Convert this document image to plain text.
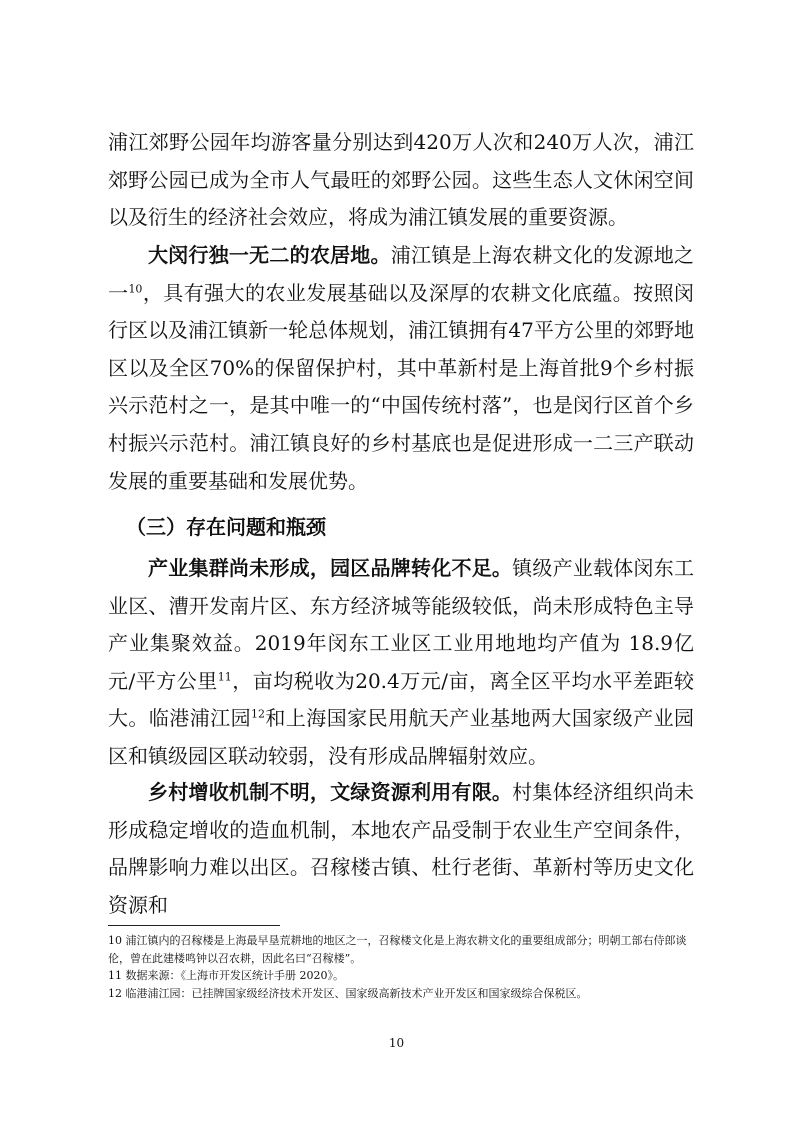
浦江郊野公园年均游客量分别达到420万人次和240万人次，浦江郊野公园已成为全市人气最旺的郊野公园。这些生态人文休闲空间以及衍生的经济社会效应，将成为浦江镇发展的重要资源。

大闵行独一无二的农居地。浦江镇是上海农耕文化的发源地之一$^{10}$，具有强大的农业发展基础以及深厚的农耕文化底蕴。按照闵行区以及浦江镇新一轮总体规划，浦江镇拥有47平方公里的郊野地区以及全区70%的保留保护村，其中革新村是上海首批9个乡村振兴示范村之一，是其中唯一的“中国传统村落”，也是闵行区首个乡村振兴示范村。浦江镇良好的乡村基底也是促进形成一二三产联动发展的重要基础和发展优势。

（三）存在问题和瓶颈

产业集群尚未形成，园区品牌转化不足。镇级产业载体闵东工业区、漕开发南片区、东方经济城等能级较低，尚未形成特色主导产业集聚效益。2019年闵东工业区工业用地地均产值为 18.9亿元/平方公里$^{11}$，亩均税收为20.4万元/亩，离全区平均水平差距较大。临港浦江园$^{12}$和上海国家民用航天产业基地两大国家级产业园区和镇级园区联动较弱，没有形成品牌辐射效应。

乡村增收机制不明，文绿资源利用有限。村集体经济组织尚未形成稳定增收的造血机制，本地农产品受制于农业生产空间条件，品牌影响力难以出区。召稼楼古镇、杜行老街、革新村等历史文化资源和

10 浦江镇内的召稼楼是上海最早垦荒耕地的地区之一，召稼楼文化是上海农耕文化的重要组成部分；明朝工部右侍郎谈伦，曾在此建楼鸣钟以召农耕，因此名曰“召稼楼”。

11 数据来源：《上海市开发区统计手册 2020》。

12 临港浦江园：已挂牌国家级经济技术开发区、国家级高新技术产业开发区和国家级综合保税区。

10
